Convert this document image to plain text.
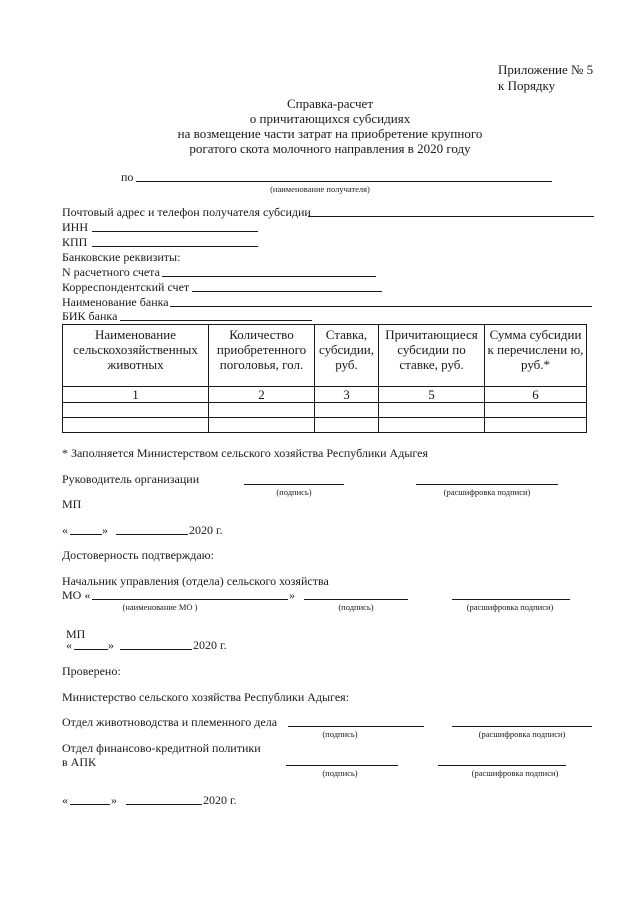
Приложение № 5
к Порядку
Справка-расчет
о причитающихся субсидиях
на возмещение части затрат на приобретение крупного
рогатого скота молочного направления в 2020 году
по
(наименование получателя)
Почтовый адрес и телефон получателя субсидии
ИНН
КПП
Банковские реквизиты:
N расчетного счета
Корреспондентский счет
Наименование банка
БИК банка
Наименование сельскохозяйственных животных	Количество приобретенного поголовья, гол.	Ставка, субсидии, руб.	Причитающиеся субсидии по ставке, руб.	Сумма субсидии к перечислени ю, руб.*
1	2	3	5	6

* Заполняется Министерством сельского хозяйства Республики Адыгея
Руководитель организации
(подпись)	(расшифровка подписи)
МП
«	»	2020 г.
Достоверность подтверждаю:
Начальник управления (отдела) сельского хозяйства
МО «	»
(наименование МО )	(подпись)	(расшифровка подписи)
МП
«	»	2020 г.
Проверено:
Министерство сельского хозяйства Республики Адыгея:
Отдел животноводства и племенного дела
(подпись)	(расшифровка подписи)
Отдел финансово-кредитной политики
в АПК
(подпись)	(расшифровка подписи)
«	»	2020 г.
